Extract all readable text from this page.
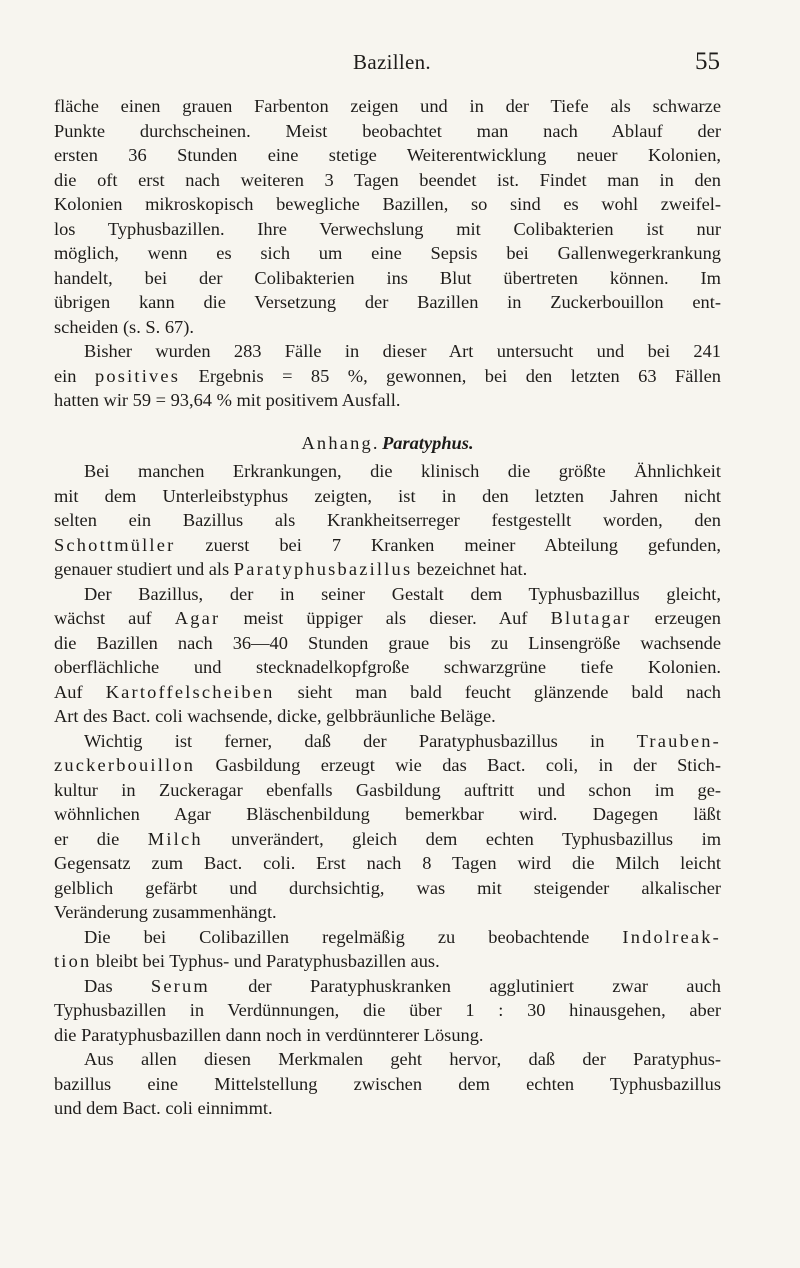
Bazillen.	55
fläche einen grauen Farbenton zeigen und in der Tiefe als schwarze
Punkte durchscheinen. Meist beobachtet man nach Ablauf der
ersten 36 Stunden eine stetige Weiterentwicklung neuer Kolonien,
die oft erst nach weiteren 3 Tagen beendet ist. Findet man in den
Kolonien mikroskopisch bewegliche Bazillen, so sind es wohl zweifel-
los Typhusbazillen. Ihre Verwechslung mit Colibakterien ist nur
möglich, wenn es sich um eine Sepsis bei Gallenwegerkrankung
handelt, bei der Colibakterien ins Blut übertreten können. Im
übrigen kann die Versetzung der Bazillen in Zuckerbouillon ent-
scheiden (s. S. 67).
Bisher wurden 283 Fälle in dieser Art untersucht und bei 241
ein positives Ergebnis = 85 %, gewonnen, bei den letzten 63 Fällen
hatten wir 59 = 93,64 % mit positivem Ausfall.
Anhang. Paratyphus.
Bei manchen Erkrankungen, die klinisch die größte Ähnlichkeit
mit dem Unterleibstyphus zeigten, ist in den letzten Jahren nicht
selten ein Bazillus als Krankheitserreger festgestellt worden, den
Schottmüller zuerst bei 7 Kranken meiner Abteilung gefunden,
genauer studiert und als Paratyphusbazillus bezeichnet hat.
Der Bazillus, der in seiner Gestalt dem Typhusbazillus gleicht,
wächst auf Agar meist üppiger als dieser. Auf Blutagar erzeugen
die Bazillen nach 36—40 Stunden graue bis zu Linsengröße wachsende
oberflächliche und stecknadelkopfgroße schwarzgrüne tiefe Kolonien.
Auf Kartoffelscheiben sieht man bald feucht glänzende bald nach
Art des Bact. coli wachsende, dicke, gelbbräunliche Beläge.
Wichtig ist ferner, daß der Paratyphusbazillus in Trauben-
zuckerbouillon Gasbildung erzeugt wie das Bact. coli, in der Stich-
kultur in Zuckeragar ebenfalls Gasbildung auftritt und schon im ge-
wöhnlichen Agar Bläschenbildung bemerkbar wird. Dagegen läßt
er die Milch unverändert, gleich dem echten Typhusbazillus im
Gegensatz zum Bact. coli. Erst nach 8 Tagen wird die Milch leicht
gelblich gefärbt und durchsichtig, was mit steigender alkalischer
Veränderung zusammenhängt.
Die bei Colibazillen regelmäßig zu beobachtende Indolreak-
tion bleibt bei Typhus- und Paratyphusbazillen aus.
Das Serum der Paratyphuskranken agglutiniert zwar auch
Typhusbazillen in Verdünnungen, die über 1 : 30 hinausgehen, aber
die Paratyphusbazillen dann noch in verdünnterer Lösung.
Aus allen diesen Merkmalen geht hervor, daß der Paratyphus-
bazillus eine Mittelstellung zwischen dem echten Typhusbazillus
und dem Bact. coli einnimmt.
